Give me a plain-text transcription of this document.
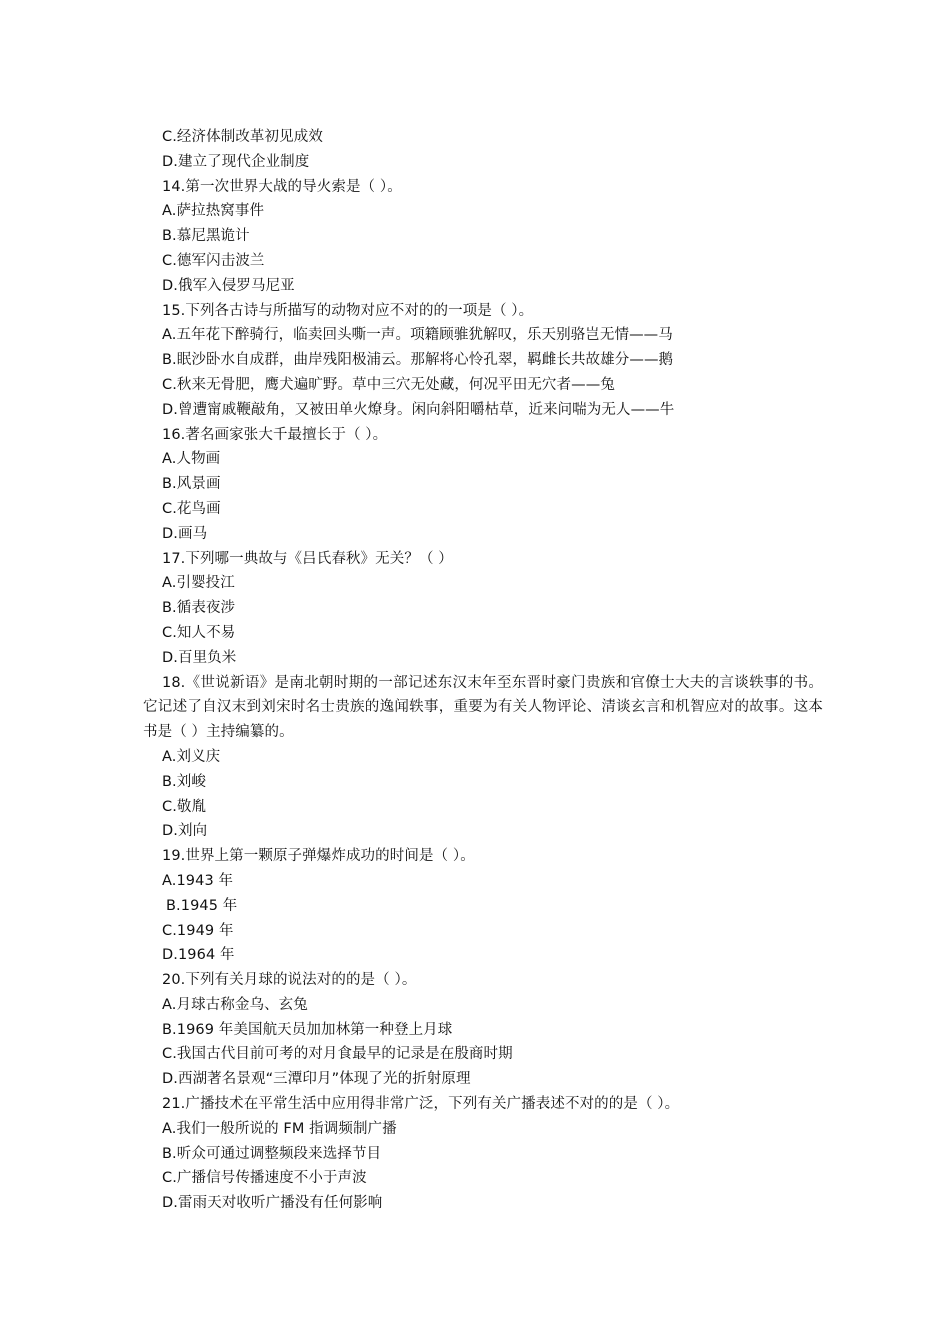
C.经济体制改革初见成效
D.建立了现代企业制度
14.第一次世界大战的导火索是（ ）。
A.萨拉热窝事件
B.慕尼黑诡计
C.德军闪击波兰
D.俄军入侵罗马尼亚
15.下列各古诗与所描写的动物对应不对的的一项是（ ）。
A.五年花下醉骑行，临卖回头嘶一声。项籍顾骓犹解叹，乐天别骆岂无情——马
B.眠沙卧水自成群，曲岸残阳极浦云。那解将心怜孔翠，羁雌长共故雄分——鹅
C.秋来无骨肥，鹰犬遍旷野。草中三穴无处藏，何况平田无穴者——兔
D.曾遭甯戚鞭敲角，又被田单火燎身。闲向斜阳嚼枯草，近来问喘为无人——牛
16.著名画家张大千最擅长于（ ）。
A.人物画
B.风景画
C.花鸟画
D.画马
17.下列哪一典故与《吕氏春秋》无关？（ ）
A.引婴投江
B.循表夜涉
C.知人不易
D.百里负米
18.《世说新语》是南北朝时期的一部记述东汉末年至东晋时豪门贵族和官僚士大夫的言谈轶事的书。它记述了自汉末到刘宋时名士贵族的逸闻轶事，重要为有关人物评论、清谈玄言和机智应对的故事。这本书是（ ）主持编纂的。
A.刘义庆
B.刘峻
C.敬胤
D.刘向
19.世界上第一颗原子弹爆炸成功的时间是（ ）。
A.1943 年
B.1945 年
C.1949 年
D.1964 年
20.下列有关月球的说法对的的是（ ）。
A.月球古称金乌、玄兔
B.1969 年美国航天员加加林第一种登上月球
C.我国古代目前可考的对月食最早的记录是在殷商时期
D.西湖著名景观“三潭印月”体现了光的折射原理
21.广播技术在平常生活中应用得非常广泛，下列有关广播表述不对的的是（ ）。
A.我们一般所说的 FM 指调频制广播
B.听众可通过调整频段来选择节目
C.广播信号传播速度不小于声波
D.雷雨天对收听广播没有任何影响
